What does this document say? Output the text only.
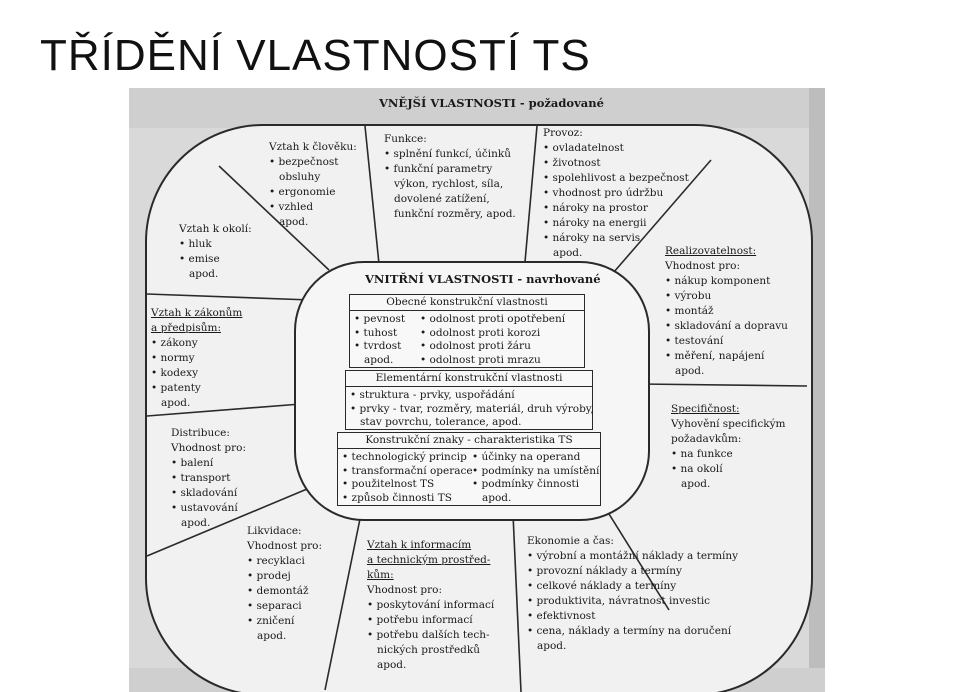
TŘÍDĚNÍ VLASTNOSTÍ TS
VNĚJŠÍ VLASTNOSTI - požadované
Vztah k člověku:
• bezpečnost
obsluhy
• ergonomie
• vzhled
apod.
Funkce:
• splnění funkcí, účinků
• funkční parametry
výkon, rychlost, síla,
dovolené zatížení,
funkční rozměry, apod.
Provoz:
• ovladatelnost
• životnost
• spolehlivost a bezpečnost
• vhodnost pro údržbu
• nároky na prostor
• nároky na energii
• nároky na servis
apod.
Vztah k okolí:
• hluk
• emise
apod.
Realizovatelnost:
Vhodnost pro:
• nákup komponent
• výrobu
• montáž
• skladování a dopravu
• testování
• měření, napájení
apod.
Vztah k zákonům
a předpisům:
• zákony
• normy
• kodexy
• patenty
apod.	Specifičnost:
Vyhovění specifickým
požadavkům:
• na funkce
• na okolí
apod.
Distribuce:
Vhodnost pro:
• balení
• transport
• skladování
• ustavování
apod.
Likvidace:
Vhodnost pro:
• recyklaci
• prodej
• demontáž
• separaci
• zničení
apod.
Vztah k informacím
a technickým prostřed-
kům:
Vhodnost pro:
• poskytování informací
• potřebu informací
• potřebu dalších tech-
nických prostředků
apod.
Ekonomie a čas:
• výrobní a montážní náklady a termíny
• provozní náklady a termíny
• celkové náklady a termíny
• produktivita, návratnost investic
• efektivnost
• cena, náklady a termíny na doručení
apod.
VNITŘNÍ VLASTNOSTI - navrhované
Obecné konstrukční vlastnosti
• pevnost
• tuhost
• tvrdost
apod.
• odolnost proti opotřebení
• odolnost proti korozi
• odolnost proti žáru
• odolnost proti mrazu
Elementární konstrukční vlastnosti
• struktura - prvky, uspořádání
• prvky - tvar, rozměry, materiál, druh výroby,
stav povrchu, tolerance, apod.
Konstrukční znaky - charakteristika TS
• technologický princip
• transformační operace
• použitelnost TS
• způsob činnosti TS
• účinky na operand
• podmínky na umístění
• podmínky činnosti
apod.
